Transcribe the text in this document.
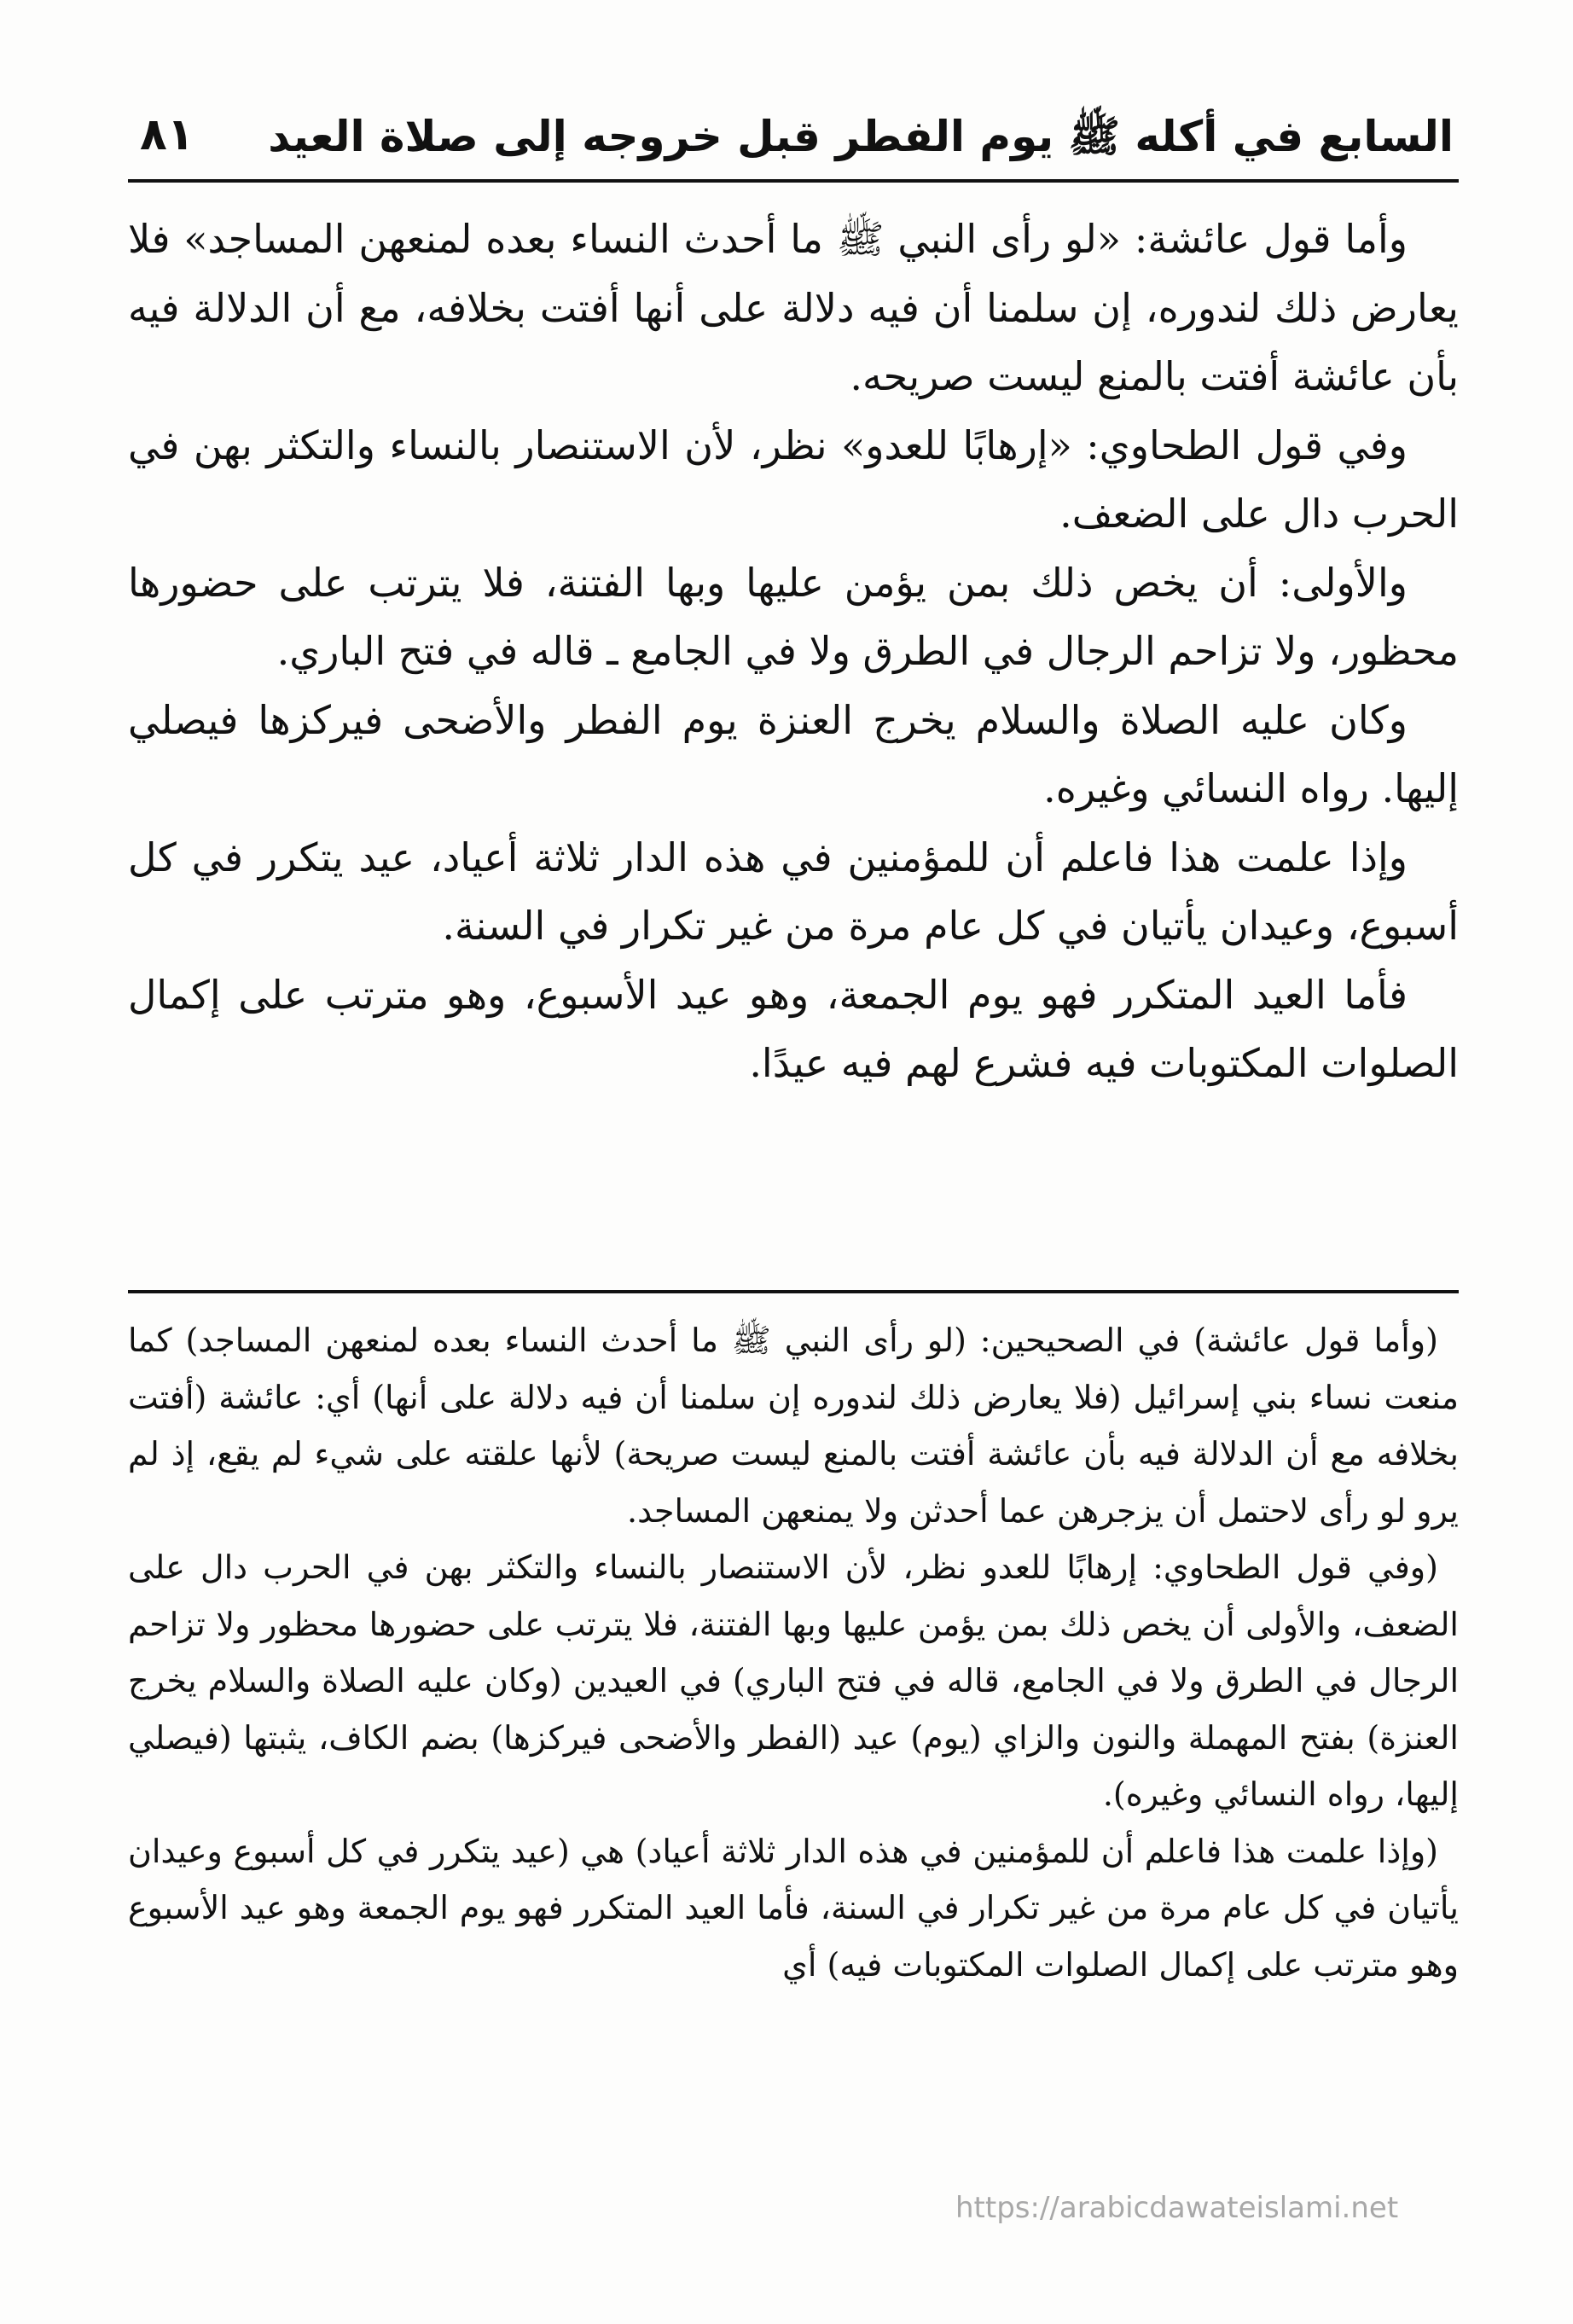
السابع في أكله ﷺ يوم الفطر قبل خروجه إلى صلاة العيد
٨١

وأما قول عائشة: «لو رأى النبي ﷺ ما أحدث النساء بعده لمنعهن المساجد» فلا يعارض ذلك لندوره، إن سلمنا أن فيه دلالة على أنها أفتت بخلافه، مع أن الدلالة فيه بأن عائشة أفتت بالمنع ليست صريحه.

وفي قول الطحاوي: «إرهابًا للعدو» نظر، لأن الاستنصار بالنساء والتكثر بهن في الحرب دال على الضعف.

والأولى: أن يخص ذلك بمن يؤمن عليها وبها الفتنة، فلا يترتب على حضورها محظور، ولا تزاحم الرجال في الطرق ولا في الجامع ـ قاله في فتح الباري.

وكان عليه الصلاة والسلام يخرج العنزة يوم الفطر والأضحى فيركزها فيصلي إليها. رواه النسائي وغيره.

وإذا علمت هذا فاعلم أن للمؤمنين في هذه الدار ثلاثة أعياد، عيد يتكرر في كل أسبوع، وعيدان يأتيان في كل عام مرة من غير تكرار في السنة.

فأما العيد المتكرر فهو يوم الجمعة، وهو عيد الأسبوع، وهو مترتب على إكمال الصلوات المكتوبات فيه فشرع لهم فيه عيدًا.

(وأما قول عائشة) في الصحيحين: (لو رأى النبي ﷺ ما أحدث النساء بعده لمنعهن المساجد) كما منعت نساء بني إسرائيل (فلا يعارض ذلك لندوره إن سلمنا أن فيه دلالة على أنها) أي: عائشة (أفتت بخلافه مع أن الدلالة فيه بأن عائشة أفتت بالمنع ليست صريحة) لأنها علقته على شيء لم يقع، إذ لم يرو لو رأى لاحتمل أن يزجرهن عما أحدثن ولا يمنعهن المساجد.

(وفي قول الطحاوي: إرهابًا للعدو نظر، لأن الاستنصار بالنساء والتكثر بهن في الحرب دال على الضعف، والأولى أن يخص ذلك بمن يؤمن عليها وبها الفتنة، فلا يترتب على حضورها محظور ولا تزاحم الرجال في الطرق ولا في الجامع، قاله في فتح الباري) في العيدين (وكان عليه الصلاة والسلام يخرج العنزة) بفتح المهملة والنون والزاي (يوم) عيد (الفطر والأضحى فيركزها) بضم الكاف، يثبتها (فيصلي إليها، رواه النسائي وغيره).

(وإذا علمت هذا فاعلم أن للمؤمنين في هذه الدار ثلاثة أعياد) هي (عيد يتكرر في كل أسبوع وعيدان يأتيان في كل عام مرة من غير تكرار في السنة، فأما العيد المتكرر فهو يوم الجمعة وهو عيد الأسبوع وهو مترتب على إكمال الصلوات المكتوبات فيه) أي

https://arabicdawateislami.net
